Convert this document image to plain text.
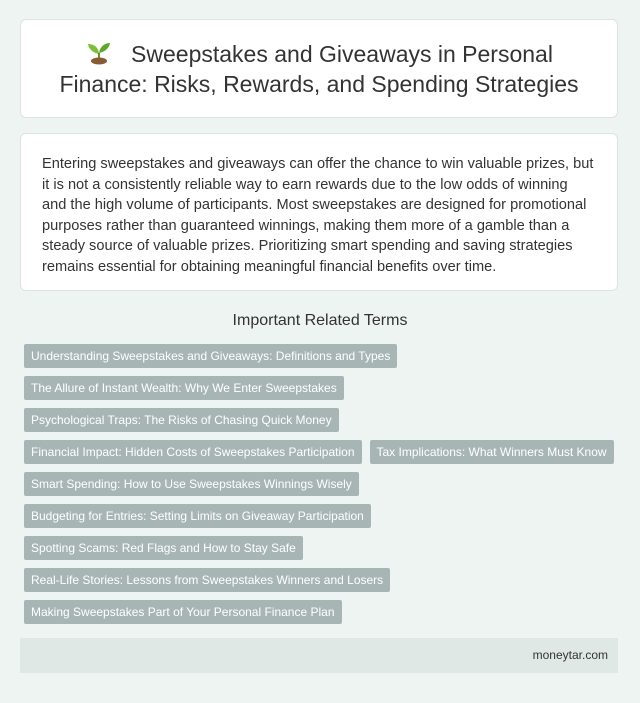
Sweepstakes and Giveaways in Personal Finance: Risks, Rewards, and Spending Strategies

Entering sweepstakes and giveaways can offer the chance to win valuable prizes, but it is not a consistently reliable way to earn rewards due to the low odds of winning and the high volume of participants. Most sweepstakes are designed for promotional purposes rather than guaranteed winnings, making them more of a gamble than a steady source of valuable prizes. Prioritizing smart spending and saving strategies remains essential for obtaining meaningful financial benefits over time.

Important Related Terms
Understanding Sweepstakes and Giveaways: Definitions and Types
The Allure of Instant Wealth: Why We Enter Sweepstakes
Psychological Traps: The Risks of Chasing Quick Money
Financial Impact: Hidden Costs of Sweepstakes Participation	Tax Implications: What Winners Must Know
Smart Spending: How to Use Sweepstakes Winnings Wisely
Budgeting for Entries: Setting Limits on Giveaway Participation
Spotting Scams: Red Flags and How to Stay Safe
Real-Life Stories: Lessons from Sweepstakes Winners and Losers
Making Sweepstakes Part of Your Personal Finance Plan
moneytar.com
